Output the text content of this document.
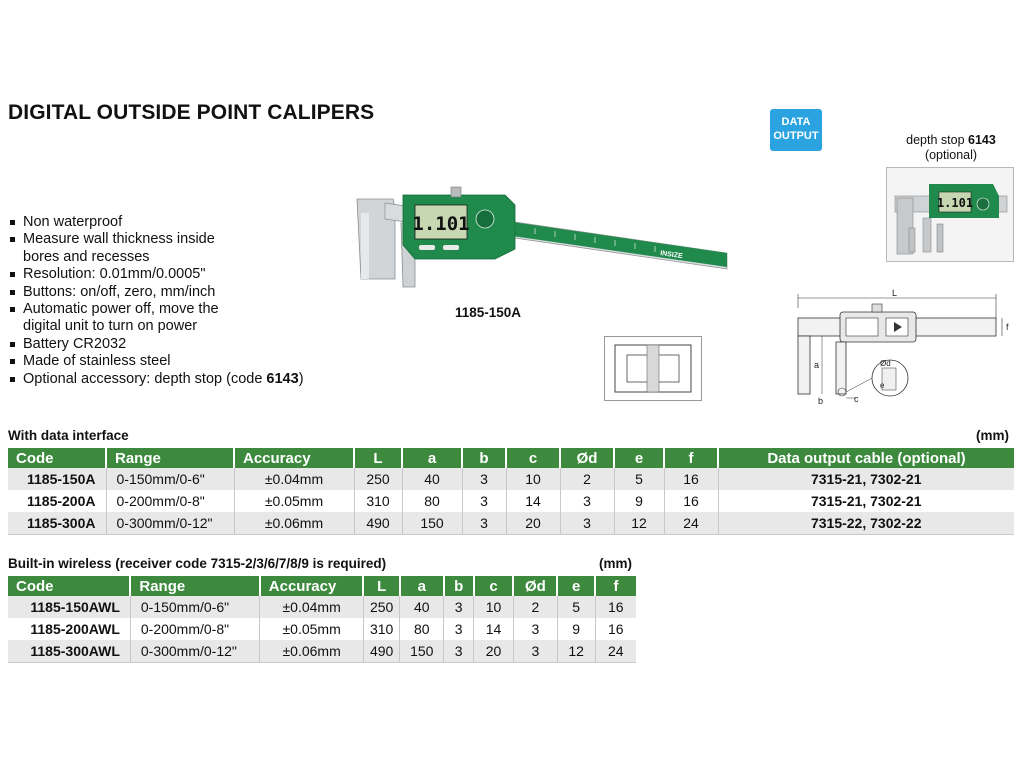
DIGITAL OUTSIDE POINT CALIPERS	DATA
OUTPUT	depth stop 6143
(optional)
1.101
Non waterproof
Measure wall thickness inside
bores and recesses
Resolution: 0.01mm/0.0005"
Buttons: on/off, zero, mm/inch
Automatic power off, move the
digital unit to turn on power
Battery CR2032
Made of stainless steel
Optional accessory: depth stop (code 6143)
INSIZE
1.101
1185-150A
L
f
a
b	c
Ød
e
With data interface	(mm)
Code	Range	Accuracy	L	a	b	c	Ød	e	f	Data output cable (optional)
1185-150A	0-150mm/0-6"	±0.04mm	250	40	3	10	2	5	16	7315-21, 7302-21
1185-200A	0-200mm/0-8"	±0.05mm	310	80	3	14	3	9	16	7315-21, 7302-21
1185-300A	0-300mm/0-12"	±0.06mm	490	150	3	20	3	12	24	7315-22, 7302-22
Built-in wireless (receiver code 7315-2/3/6/7/8/9 is required)	(mm)
Code	Range	Accuracy	L	a	b	c	Ød	e	f
1185-150AWL	0-150mm/0-6"	±0.04mm	250	40	3	10	2	5	16
1185-200AWL	0-200mm/0-8"	±0.05mm	310	80	3	14	3	9	16
1185-300AWL	0-300mm/0-12"	±0.06mm	490	150	3	20	3	12	24
